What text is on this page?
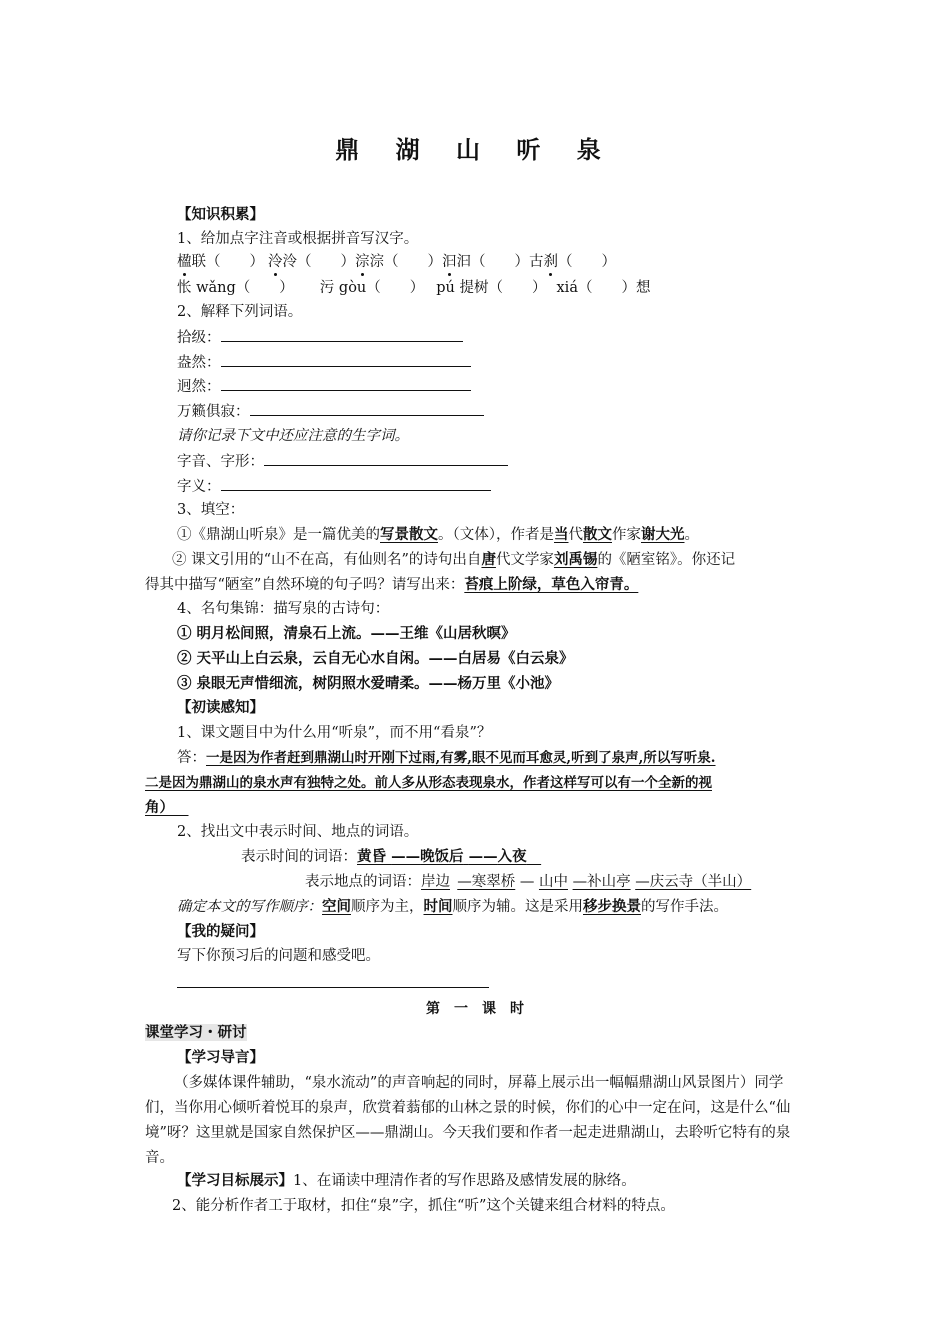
鼎 湖 山 听 泉
【知识积累】
1、给加点字注音或根据拼音写汉字。
楹联（　　） 泠泠（　　）淙淙（　　）汩汩（　　）古刹（　　）
怅 wǎng（　　） 污 gòu（　　） pú 提树（　　） xiá（　　）想
2、解释下列词语。
拾级：
盎然：
迥然：
万籁俱寂：
请你记录下文中还应注意的生字词。
字音、字形：
字义：
3、填空：
①《鼎湖山听泉》是一篇优美的写景散文。（文体），作者是当代散文作家谢大光。
② 课文引用的“山不在高，有仙则名”的诗句出自唐代文学家刘禹锡的《陋室铭》。你还记
得其中描写“陋室”自然环境的句子吗？请写出来：苔痕上阶绿，草色入帘青。
4、名句集锦：描写泉的古诗句：
① 明月松间照，清泉石上流。——王维《山居秋暝》
② 天平山上白云泉，云自无心水自闲。——白居易《白云泉》
③ 泉眼无声惜细流，树阴照水爱晴柔。——杨万里《小池》
【初读感知】
1、课文题目中为什么用“听泉”，而不用“看泉”？
答：一是因为作者赶到鼎湖山时开刚下过雨,有雾,眼不见而耳愈灵,听到了泉声,所以写听泉.
二是因为鼎湖山的泉水声有独特之处。前人多从形态表现泉水，作者这样写可以有一个全新的视
角）  
2、找出文中表示时间、地点的词语。
表示时间的词语：黄昏 ——晚饭后 ——入夜  
表示地点的词语：岸边  —寒翠桥 — 山中 —补山亭 —庆云寺（半山）
确定本文的写作顺序：空间顺序为主，时间顺序为辅。这是采用移步换景的写作手法。
【我的疑问】
写下你预习后的问题和感受吧。
第　一　课　时
课堂学习・研讨
【学习导言】
（多媒体课件辅助，“泉水流动”的声音响起的同时，屏幕上展示出一幅幅鼎湖山风景图片）同学们，当你用心倾听着悦耳的泉声，欣赏着蓊郁的山林之景的时候，你们的心中一定在问，这是什么“仙境”呀？这里就是国家自然保护区——鼎湖山。今天我们要和作者一起走进鼎湖山，去聆听它特有的泉音。
【学习目标展示】1、在诵读中理清作者的写作思路及感情发展的脉络。
2、能分析作者工于取材，扣住“泉”字，抓住“听”这个关键来组合材料的特点。
